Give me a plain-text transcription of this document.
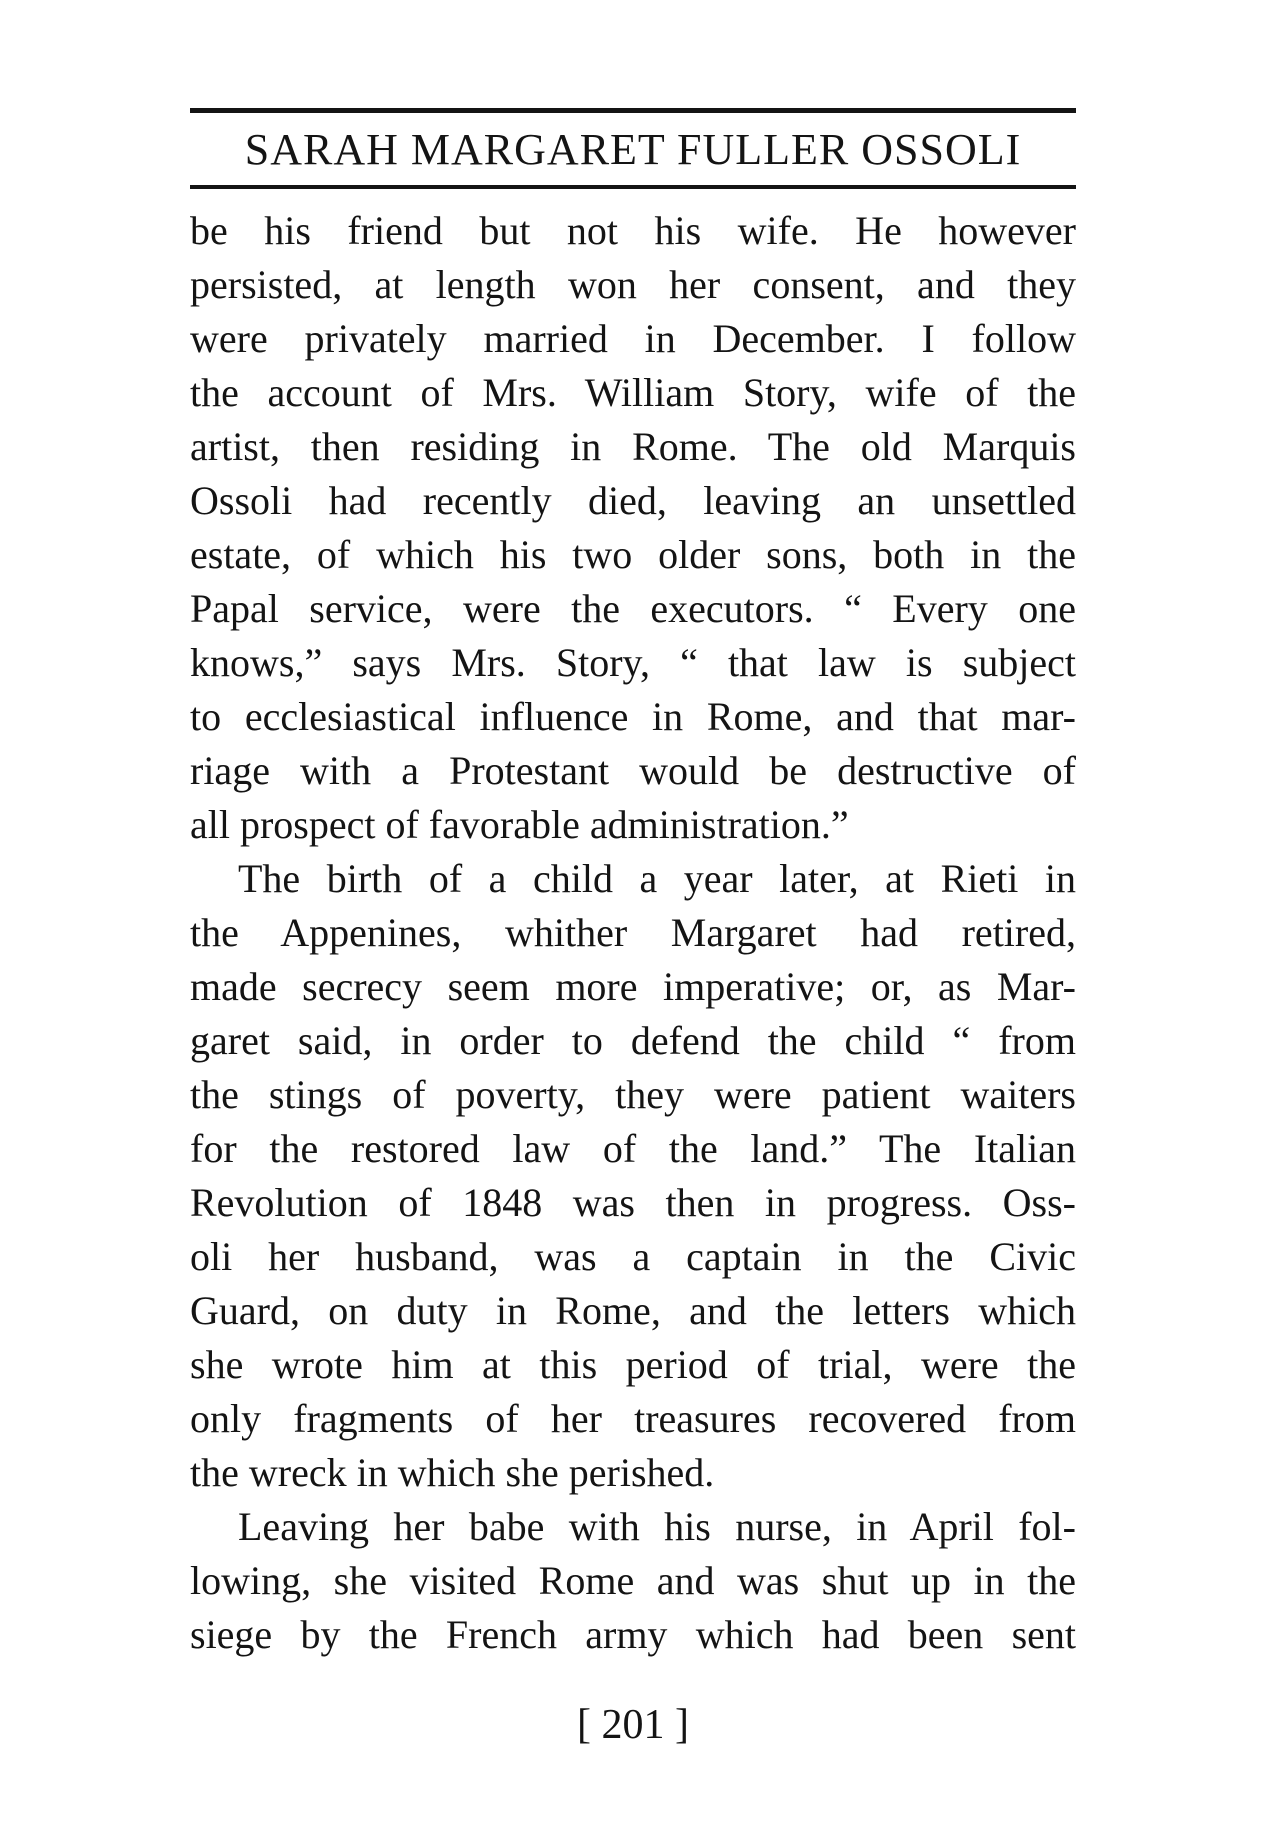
SARAH MARGARET FULLER OSSOLI
be his friend but not his wife. He however
persisted, at length won her consent, and they
were privately married in December. I follow
the account of Mrs. William Story, wife of the
artist, then residing in Rome. The old Marquis
Ossoli had recently died, leaving an unsettled
estate, of which his two older sons, both in the
Papal service, were the executors. “ Every one
knows,” says Mrs. Story, “ that law is subject
to ecclesiastical influence in Rome, and that mar-
riage with a Protestant would be destructive of
all prospect of favorable administration.”
The birth of a child a year later, at Rieti in
the Appenines, whither Margaret had retired,
made secrecy seem more imperative; or, as Mar-
garet said, in order to defend the child “ from
the stings of poverty, they were patient waiters
for the restored law of the land.” The Italian
Revolution of 1848 was then in progress. Oss-
oli her husband, was a captain in the Civic
Guard, on duty in Rome, and the letters which
she wrote him at this period of trial, were the
only fragments of her treasures recovered from
the wreck in which she perished.
Leaving her babe with his nurse, in April fol-
lowing, she visited Rome and was shut up in the
siege by the French army which had been sent
[ 201 ]
